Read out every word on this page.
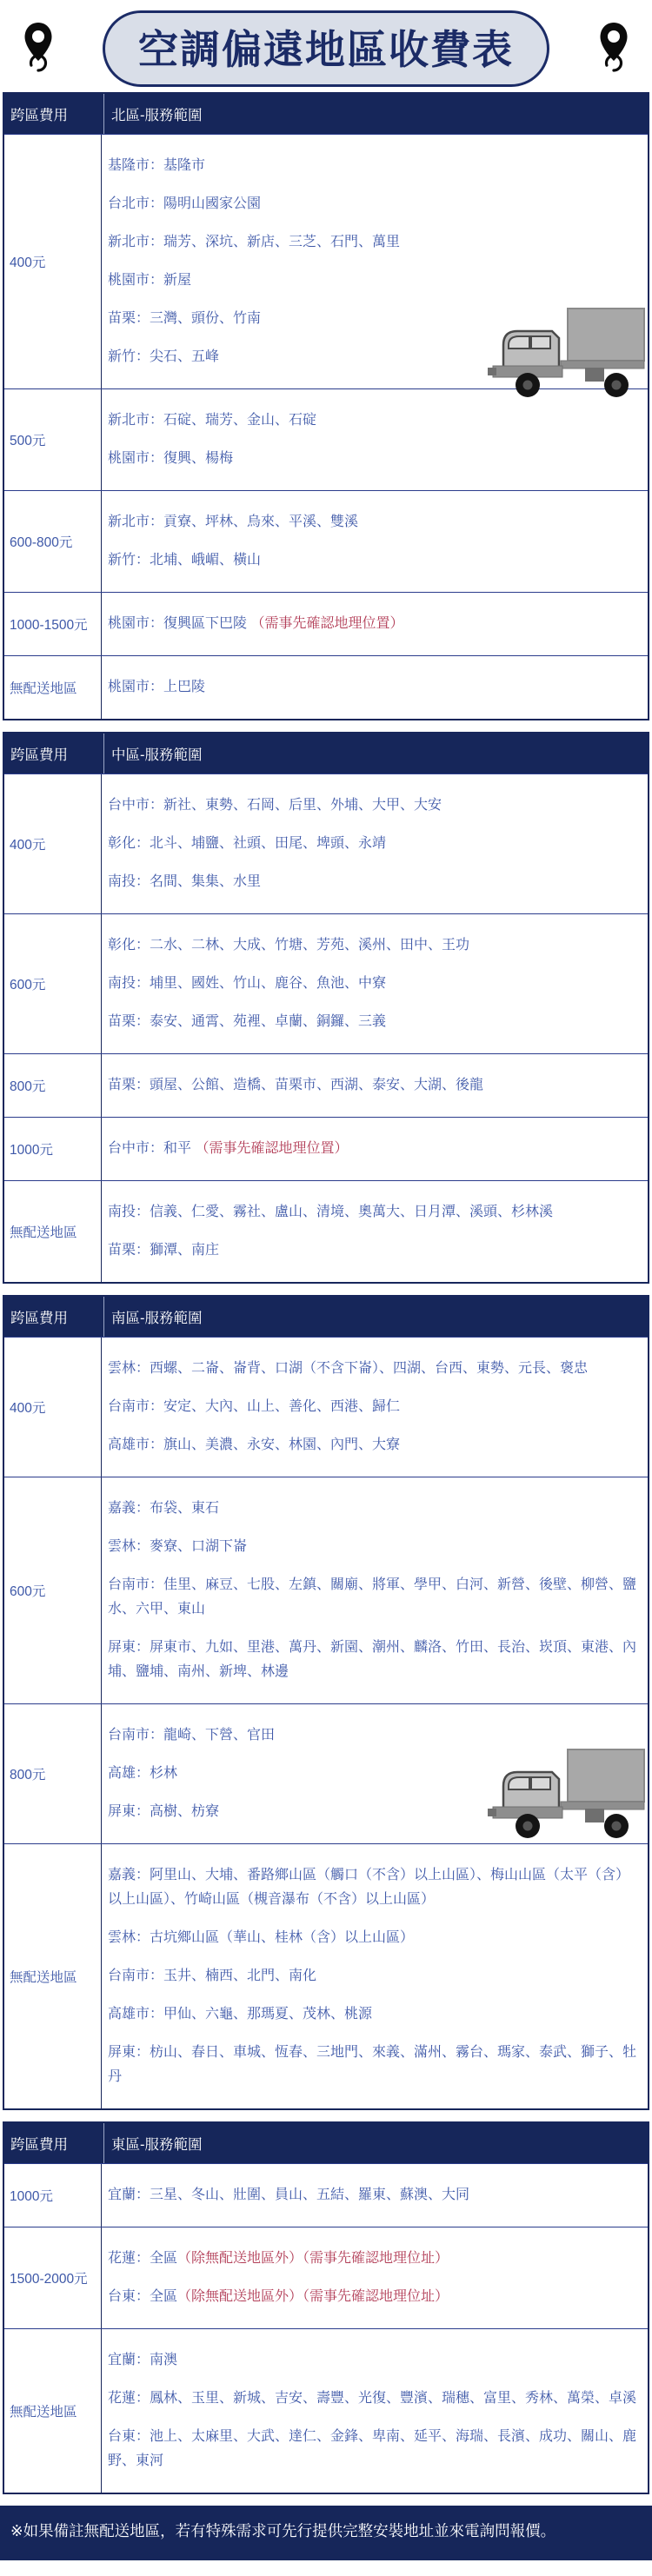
空調偏遠地區收費表
跨區費用	北區-服務範圍
400元
基隆市：基隆市
台北市：陽明山國家公園
新北市：瑞芳、深坑、新店、三芝、石門、萬里
桃園市：新屋
苗栗：三灣、頭份、竹南
新竹：尖石、五峰
500元
新北市：石碇、瑞芳、金山、石碇
桃園市：復興、楊梅
600-800元
新北市：貢寮、坪林、烏來、平溪、雙溪
新竹：北埔、峨嵋、橫山
1000-1500元	桃園市：復興區下巴陵 （需事先確認地理位置）
無配送地區	桃園市：上巴陵
跨區費用	中區-服務範圍
400元
台中市：新社、東勢、石岡、后里、外埔、大甲、大安
彰化：北斗、埔鹽、社頭、田尾、埤頭、永靖
南投：名間、集集、水里
600元
彰化：二水、二林、大成、竹塘、芳苑、溪州、田中、王功
南投：埔里、國姓、竹山、鹿谷、魚池、中寮
苗栗：泰安、通霄、苑裡、卓蘭、銅鑼、三義
800元	苗栗：頭屋、公館、造橋、苗栗市、西湖、泰安、大湖、後龍
1000元	台中市：和平 （需事先確認地理位置）
無配送地區
南投：信義、仁愛、霧社、盧山、清境、奧萬大、日月潭、溪頭、杉林溪
苗栗：獅潭、南庄
跨區費用	南區-服務範圍
400元
雲林：西螺、二崙、崙背、口湖（不含下崙）、四湖、台西、東勢、元長、褒忠
台南市：安定、大內、山上、善化、西港、歸仁
高雄市：旗山、美濃、永安、林園、內門、大寮
600元
嘉義：布袋、東石
雲林：麥寮、口湖下崙
台南市：佳里、麻豆、七股、左鎮、關廟、將軍、學甲、白河、新營、後壁、柳營、鹽水、六甲、東山
屏東：屏東市、九如、里港、萬丹、新園、潮州、麟洛、竹田、長治、崁頂、東港、內埔、鹽埔、南州、新埤、林邊
800元
台南市：龍崎、下營、官田
高雄：杉林
屏東：高樹、枋寮
無配送地區
嘉義：阿里山、大埔、番路鄉山區（觸口（不含）以上山區）、梅山山區（太平（含）以上山區）、竹崎山區（槻音瀑布（不含）以上山區）
雲林：古坑鄉山區（華山、桂林（含）以上山區）
台南市：玉井、楠西、北門、南化
高雄市：甲仙、六龜、那瑪夏、茂林、桃源
屏東：枋山、春日、車城、恆春、三地門、來義、滿州、霧台、瑪家、泰武、獅子、牡丹
跨區費用	東區-服務範圍
1000元	宜蘭：三星、冬山、壯圍、員山、五結、羅東、蘇澳、大同
1500-2000元
花蓮：全區（除無配送地區外）（需事先確認地理位址）
台東：全區（除無配送地區外）（需事先確認地理位址）
無配送地區
宜蘭：南澳
花蓮：鳳林、玉里、新城、吉安、壽豐、光復、豐濱、瑞穗、富里、秀林、萬榮、卓溪
台東：池上、太麻里、大武、達仁、金鋒、卑南、延平、海瑞、長濱、成功、關山、鹿野、東河
※如果備註無配送地區，若有特殊需求可先行提供完整安裝地址並來電詢問報價。
